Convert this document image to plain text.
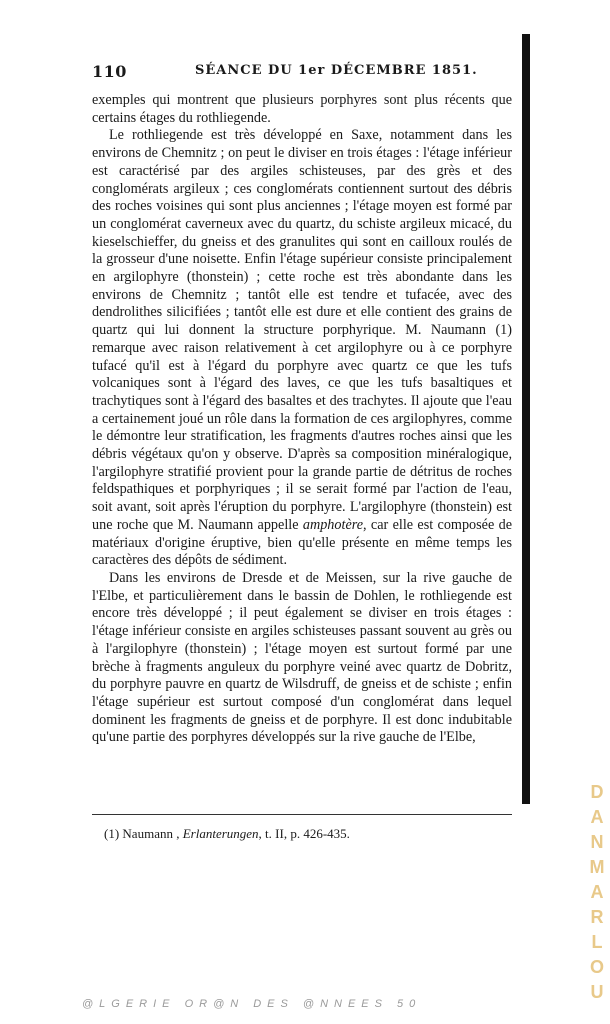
110	SÉANCE DU 1er DÉCEMBRE 1851.

exemples qui montrent que plusieurs porphyres sont plus récents que certains étages du rothliegende.

Le rothliegende est très développé en Saxe, notamment dans les environs de Chemnitz ; on peut le diviser en trois étages : l'étage inférieur est caractérisé par des argiles schisteuses, par des grès et des conglomérats argileux ; ces conglomérats contiennent surtout des débris des roches voisines qui sont plus anciennes ; l'étage moyen est formé par un conglomérat caverneux avec du quartz, du schiste argileux micacé, du kieselschieffer, du gneiss et des granulites qui sont en cailloux roulés de la grosseur d'une noisette. Enfin l'étage supérieur consiste principalement en argilophyre (thonstein) ; cette roche est très abondante dans les environs de Chemnitz ; tantôt elle est tendre et tufacée, avec des dendrolithes silicifiées ; tantôt elle est dure et elle contient des grains de quartz qui lui donnent la structure porphyrique. M. Naumann (1) remarque avec raison relativement à cet argilophyre ou à ce porphyre tufacé qu'il est à l'égard du porphyre avec quartz ce que les tufs volcaniques sont à l'égard des laves, ce que les tufs basaltiques et trachytiques sont à l'égard des basaltes et des trachytes. Il ajoute que l'eau a certainement joué un rôle dans la formation de ces argilophyres, comme le démontre leur stratification, les fragments d'autres roches ainsi que les débris végétaux qu'on y observe. D'après sa composition minéralogique, l'argilophyre stratifié provient pour la grande partie de détritus de roches feldspathiques et porphyriques ; il se serait formé par l'action de l'eau, soit avant, soit après l'éruption du porphyre. L'argilophyre (thonstein) est une roche que M. Naumann appelle amphotère, car elle est composée de matériaux d'origine éruptive, bien qu'elle présente en même temps les caractères des dépôts de sédiment.

Dans les environs de Dresde et de Meissen, sur la rive gauche de l'Elbe, et particulièrement dans le bassin de Dohlen, le rothliegende est encore très développé ; il peut également se diviser en trois étages : l'étage inférieur consiste en argiles schisteuses passant souvent au grès ou à l'argilophyre (thonstein) ; l'étage moyen est surtout formé par une brèche à fragments anguleux du porphyre veiné avec quartz de Dobritz, du porphyre pauvre en quartz de Wilsdruff, de gneiss et de schiste ; enfin l'étage supérieur est surtout composé d'un conglomérat dans lequel dominent les fragments de gneiss et de porphyre. Il est donc indubitable qu'une partie des porphyres développés sur la rive gauche de l'Elbe,

(1) Naumann , Erlanterungen, t. II, p. 426-435.
DANMARLOU
@LGERIE OR@N DES @NNEES 50
